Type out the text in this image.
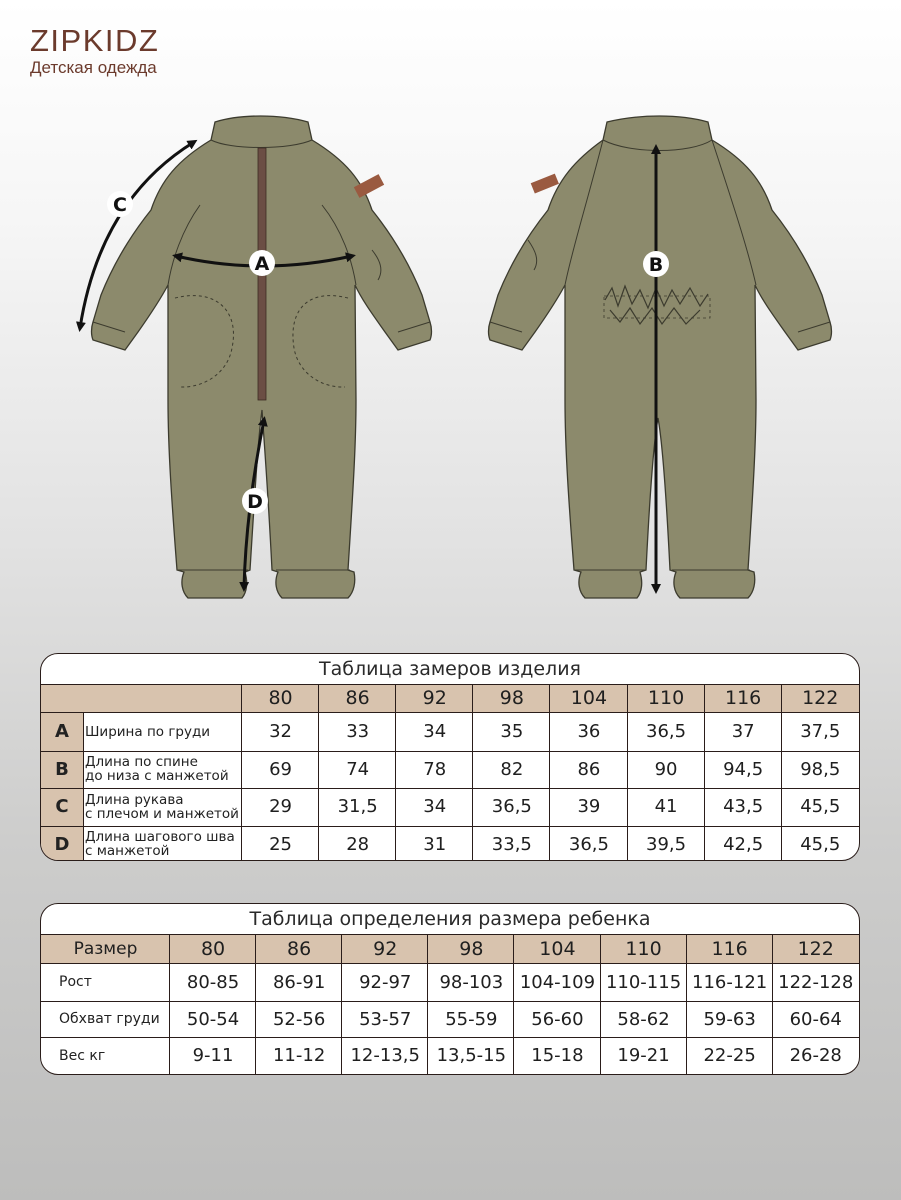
ZIPKIDZ
Детская одежда
A	B
C
D
Таблица замеров изделия
80	86	92	98	104	110	116	122
A	Ширина по груди	32	33	34	35	36	36,5	37	37,5
B	Длина по спине
до низа с манжетой	69	74	78	82	86	90	94,5	98,5
C	Длина рукава
с плечом и манжетой	29	31,5	34	36,5	39	41	43,5	45,5
D	Длина шагового шва
с манжетой	25	28	31	33,5	36,5	39,5	42,5	45,5
Таблица определения размера ребенка
Размер	80	86	92	98	104	110	116	122
Рост	80-85	86-91	92-97	98-103 104-109 110-115 116-121 122-128
Обхват груди	50-54	52-56	53-57	55-59	56-60	58-62	59-63	60-64
Вес кг	9-11	11-12	12-13,5 13,5-15	15-18	19-21	22-25	26-28
